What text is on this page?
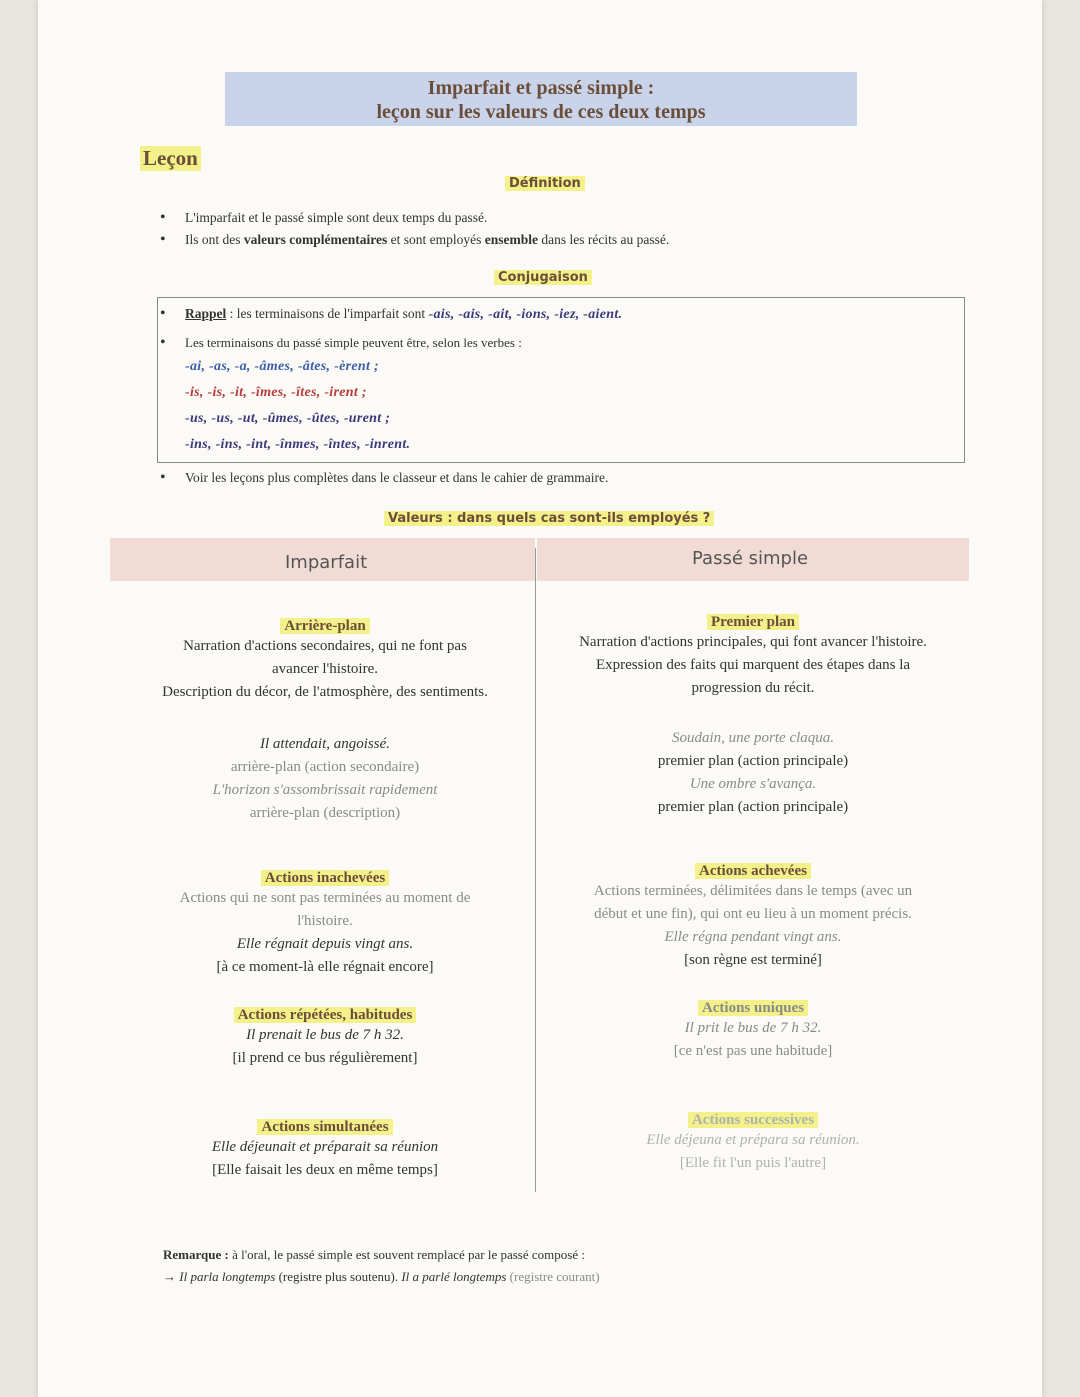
Imparfait et passé simple :
leçon sur les valeurs de ces deux temps
Leçon
Définition
• L'imparfait et le passé simple sont deux temps du passé.
• Ils ont des valeurs complémentaires et sont employés ensemble dans les récits au passé.
Conjugaison
• Rappel : les terminaisons de l'imparfait sont -ais, -ais, -ait, -ions, -iez, -aient.
• Les terminaisons du passé simple peuvent être, selon les verbes :
-ai, -as, -a, -âmes, -âtes, -èrent ;
-is, -is, -it, -îmes, -îtes, -irent ;
-us, -us, -ut, -ûmes, -ûtes, -urent ;
-ins, -ins, -int, -înmes, -întes, -inrent.
• Voir les leçons plus complètes dans le classeur et dans le cahier de grammaire.
Valeurs : dans quels cas sont-ils employés ?
Imparfait	Passé simple
Arrière-plan
Narration d'actions secondaires, qui ne font pas
avancer l'histoire.
Description du décor, de l'atmosphère, des sentiments.
Il attendait, angoissé.
arrière-plan (action secondaire)
L'horizon s'assombrissait rapidement
arrière-plan (description)
Actions inachevées
Actions qui ne sont pas terminées au moment de
l'histoire.
Elle régnait depuis vingt ans.
[à ce moment-là elle régnait encore]
Actions répétées, habitudes
Il prenait le bus de 7 h 32.
[il prend ce bus régulièrement]
Actions simultanées
Elle déjeunait et préparait sa réunion
[Elle faisait les deux en même temps]
Premier plan
Narration d'actions principales, qui font avancer l'histoire.
Expression des faits qui marquent des étapes dans la
progression du récit.
Soudain, une porte claqua.
premier plan (action principale)
Une ombre s'avança.
premier plan (action principale)
Actions achevées
Actions terminées, délimitées dans le temps (avec un
début et une fin), qui ont eu lieu à un moment précis.
Elle régna pendant vingt ans.
[son règne est terminé]
Actions uniques
Il prit le bus de 7 h 32.
[ce n'est pas une habitude]
Actions successives
Elle déjeuna et prépara sa réunion.
[Elle fit l'un puis l'autre]
Remarque : à l'oral, le passé simple est souvent remplacé par le passé composé :
→ Il parla longtemps (registre plus soutenu). Il a parlé longtemps (registre courant)
